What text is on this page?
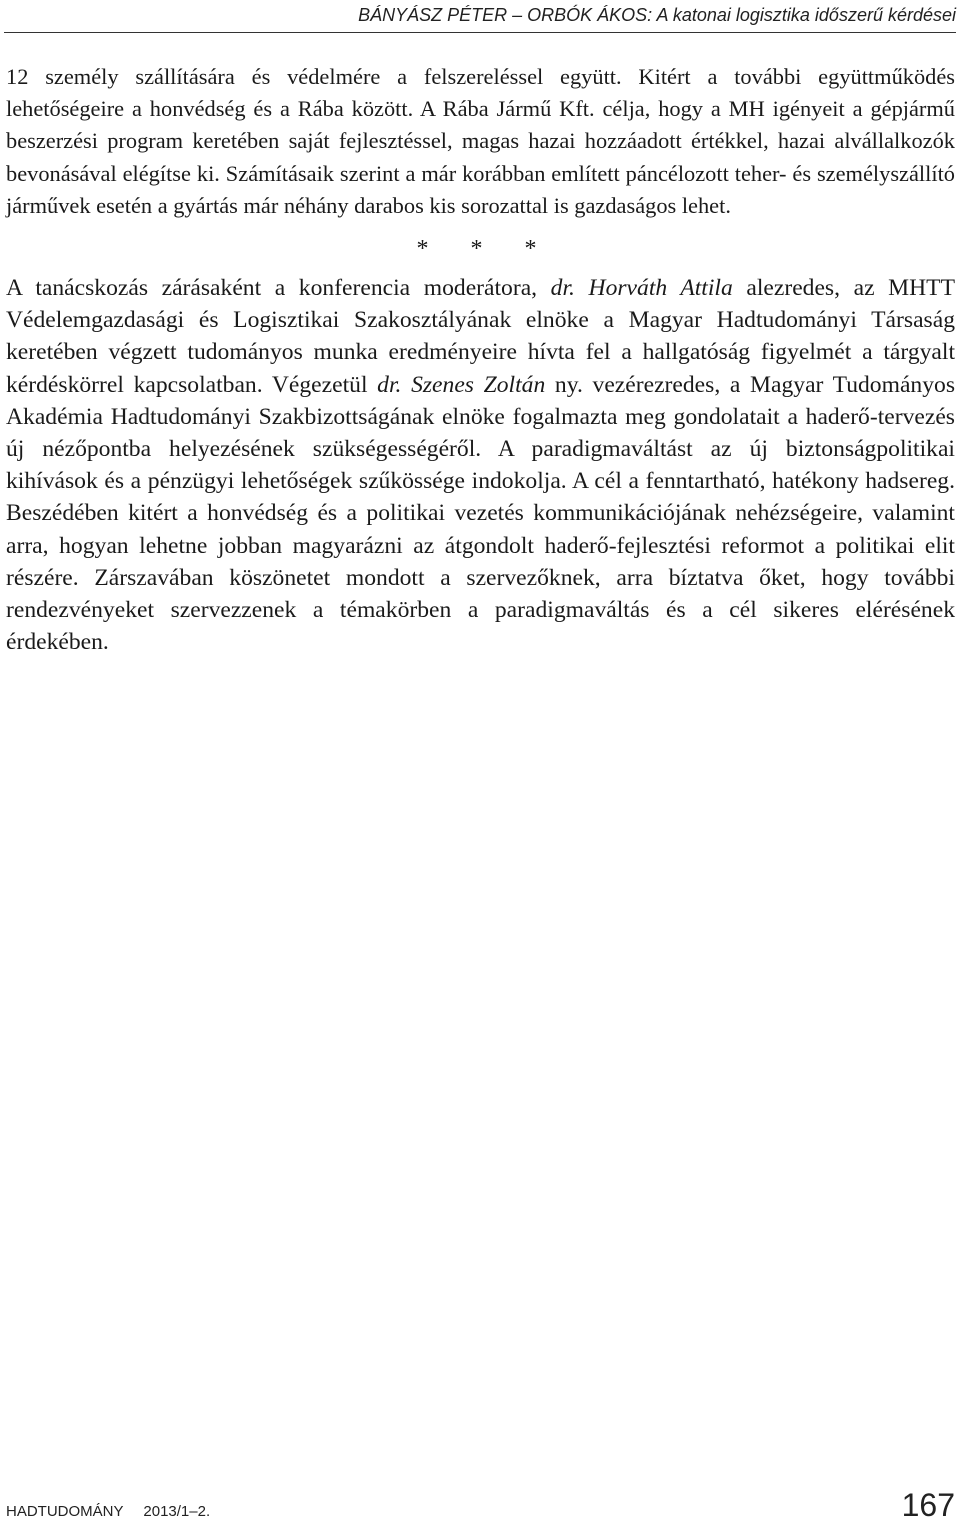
BÁNYÁSZ PÉTER – ORBÓK ÁKOS: A katonai logisztika időszerű kérdései

12 személy szállítására és védelmére a felszereléssel együtt. Kitért a további együttműködés lehetőségeire a honvédség és a Rába között. A Rába Jármű Kft. célja, hogy a MH igényeit a gépjármű beszerzési program keretében saját fejlesztéssel, magas hazai hozzáadott értékkel, hazai alvállalkozók bevonásával elégítse ki. Számításaik szerint a már korábban említett páncélozott teher- és személyszállító járművek esetén a gyártás már néhány darabos kis sorozattal is gazdaságos lehet.

* * *

A tanácskozás zárásaként a konferencia moderátora, dr. Horváth Attila alezredes, az MHTT Védelemgazdasági és Logisztikai Szakosztályának elnöke a Magyar Hadtudományi Társaság keretében végzett tudományos munka eredményeire hívta fel a hallgatóság figyelmét a tárgyalt kérdéskörrel kapcsolatban. Végezetül dr. Szenes Zoltán ny. vezérezredes, a Magyar Tudományos Akadémia Hadtudományi Szakbizottságának elnöke fogalmazta meg gondolatait a haderő-tervezés új nézőpontba helyezésének szükségességéről. A paradigmaváltást az új biztonságpolitikai kihívások és a pénzügyi lehetőségek szűkössége indokolja. A cél a fenntartható, hatékony hadsereg. Beszédében kitért a honvédség és a politikai vezetés kommunikációjának nehézségeire, valamint arra, hogyan lehetne jobban magyarázni az átgondolt haderő-fejlesztési reformot a politikai elit részére. Zárszavában köszönetet mondott a szervezőknek, arra bíztatva őket, hogy további rendezvényeket szervezzenek a témakörben a paradigmaváltás és a cél sikeres elérésének érdekében.

HADTUDOMÁNY 2013/1–2.	167
